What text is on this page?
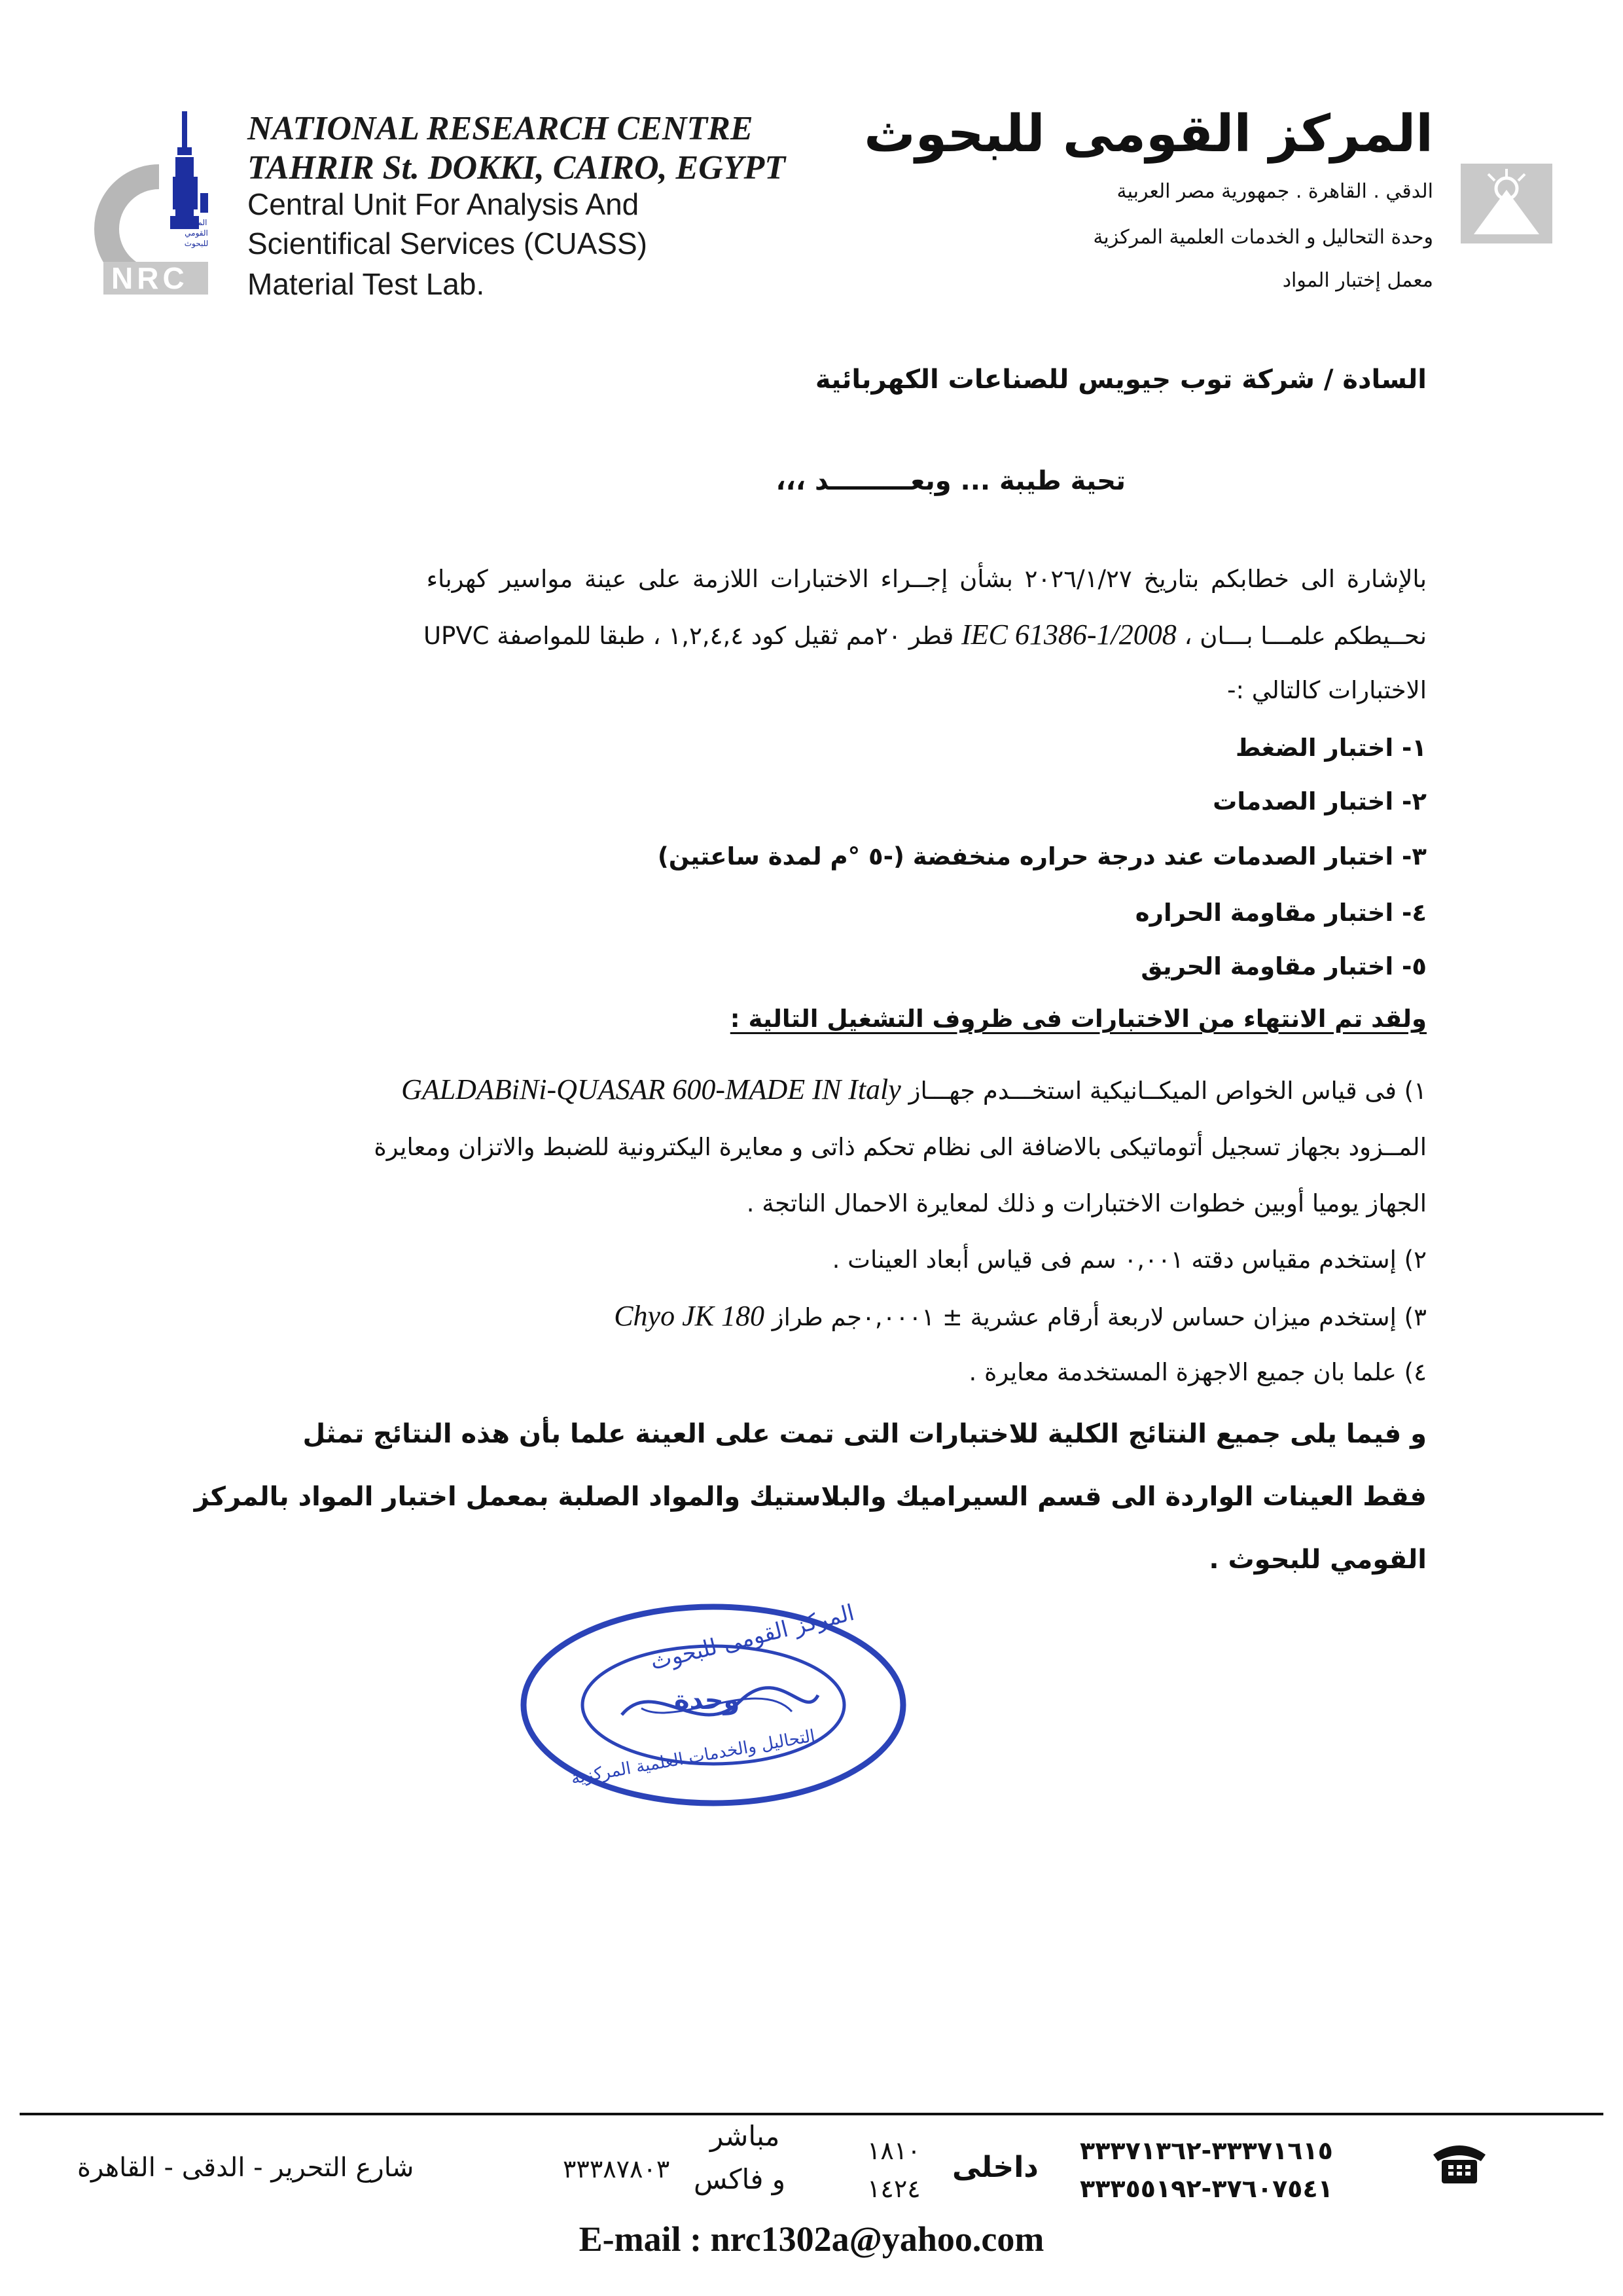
NRC
المركز القومي للبحوث
NATIONAL RESEARCH CENTRE
TAHRIR St. DOKKI, CAIRO, EGYPT
Central Unit For Analysis And
Scientifical Services (CUASS)
Material Test Lab.
المركز القومى للبحوث
الدقي . القاهرة . جمهورية مصر العربية
وحدة التحاليل و الخدمات العلمية المركزية
معمل إختبار المواد
السادة / شركة توب جيويس للصناعات الكهربائية
تحية طيبة ... وبعـــــــــد ،،،
بالإشارة الى خطابكم بتاريخ ٢٠٢٦/١/٢٧ بشأن إجــراء الاختبارات اللازمة على عينة مواسير كهرباء
UPVC قطر ٢٠مم ثقيل كود ١,٢,٤,٤ ، طبقا للمواصفة IEC 61386-1/2008 ، نحــيطكم علمـــا بـــان
الاختبارات كالتالي :-
١- اختبار الضغط
٢- اختبار الصدمات
٣- اختبار الصدمات عند درجة حراره منخفضة (-٥ °م لمدة ساعتين)
٤- اختبار مقاومة الحراره
٥- اختبار مقاومة الحريق
ولقد تم الانتهاء من الاختبارات فى ظروف التشغيل التالية :
١) فى قياس الخواص الميكــانيكية استخـــدم جهـــاز GALDABiNi-QUASAR 600-MADE IN Italy
المــزود بجهاز تسجيل أتوماتيكى بالاضافة الى نظام تحكم ذاتى و معايرة اليكترونية للضبط والاتزان ومعايرة
الجهاز يوميا أوبين خطوات الاختبارات و ذلك لمعايرة الاحمال الناتجة .
٢) إستخدم مقياس دقته ٠,٠٠١ سم فى قياس أبعاد العينات .
٣) إستخدم ميزان حساس لاربعة أرقام عشرية ± ٠,٠٠٠١جم طراز Chyo JK 180
٤) علما بان جميع الاجهزة المستخدمة معايرة .
و فيما يلى جميع النتائج الكلية للاختبارات التى تمت على العينة علما بأن هذه النتائج تمثل
فقط العينات الواردة الى قسم السيراميك والبلاستيك والمواد الصلبة بمعمل اختبار المواد بالمركز
القومي للبحوث .
المركز القومى للبحوث
وحدة
التحاليل والخدمات العلمية المركزية
٣٣٣٧١٦١٥-٣٣٣٧١٣٦٢
٣٧٦٠٧٥٤١-٣٣٣٥٥١٩٢
داخلى
١٨١٠
١٤٢٤
مباشر
و فاكس
٣٣٣٨٧٨٠٣
شارع التحرير - الدقى - القاهرة
E-mail : nrc1302a@yahoo.com
